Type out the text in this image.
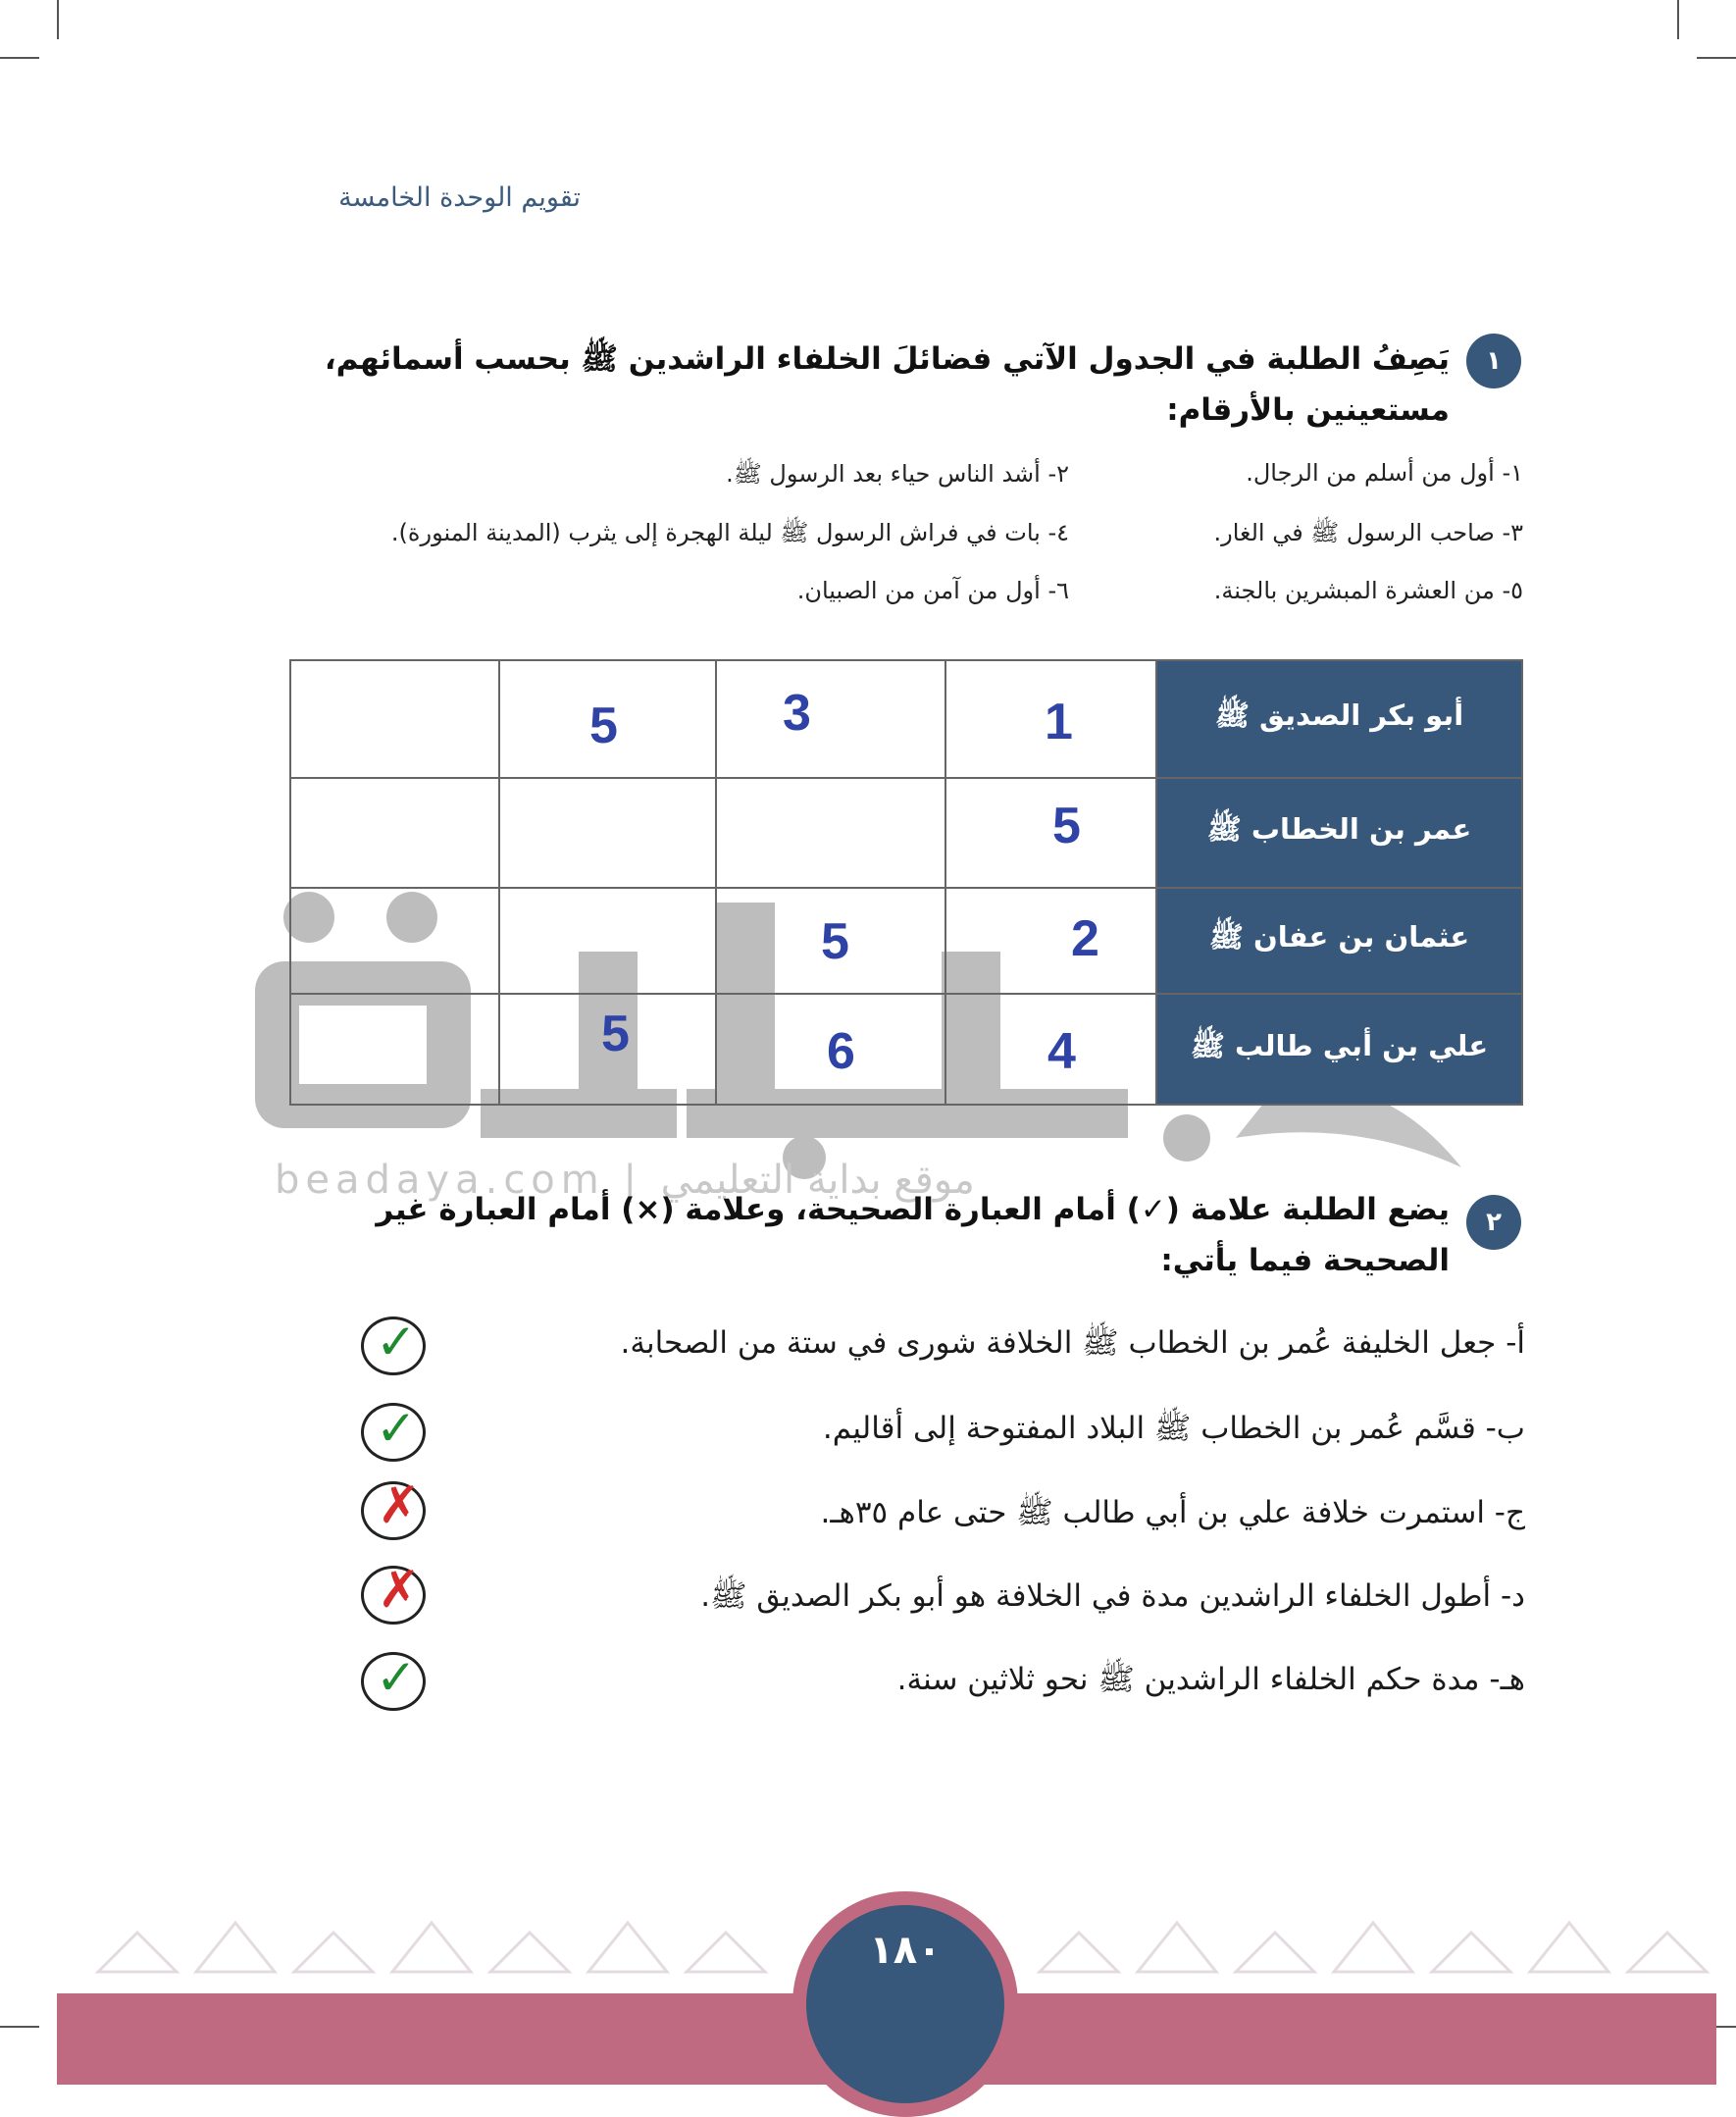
beadaya.com | موقع بداية التعليمي
تقويم الوحدة الخامسة
١
يَصِفُ الطلبة في الجدول الآتي فضائلَ الخلفاء الراشدين ﷺ بحسب أسمائهم،
مستعينين بالأرقام:
١- أول من أسلم من الرجال.
٢- أشد الناس حياء بعد الرسول ﷺ.
٣- صاحب الرسول ﷺ في الغار.
٤- بات في فراش الرسول ﷺ ليلة الهجرة إلى يثرب (المدينة المنورة).
٥- من العشرة المبشرين بالجنة.
٦- أول من آمن من الصبيان.
أبو بكر الصديق ﷺ
عمر بن الخطاب ﷺ
عثمان بن عفان ﷺ
علي بن أبي طالب ﷺ
1
3
5
5
2
5
4
6
5
٢
يضع الطلبة علامة (✓) أمام العبارة الصحيحة، وعلامة (×) أمام العبارة غير
الصحيحة فيما يأتي:
أ- جعل الخليفة عُمر بن الخطاب ﷺ الخلافة شورى في ستة من الصحابة.
ب- قسَّم عُمر بن الخطاب ﷺ البلاد المفتوحة إلى أقاليم.
ج- استمرت خلافة علي بن أبي طالب ﷺ حتى عام ٣٥هـ.
د- أطول الخلفاء الراشدين مدة في الخلافة هو أبو بكر الصديق ﷺ.
هـ- مدة حكم الخلفاء الراشدين ﷺ نحو ثلاثين سنة.
✓
✓
✗
✗
✓
١٨٠
